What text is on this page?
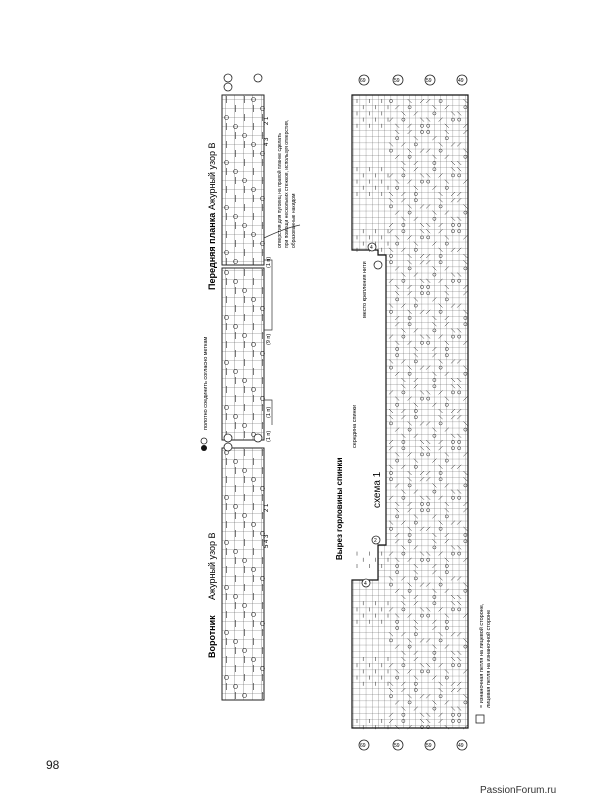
4 3
2 1
5 4 3
2 1
Воротник
Ажурный узор В
Передняя планка
Ажурный узор В
полотно соединить согласно меткам
(1 п)
(9 п)
(1 п)
(1 п)
отверстия для пуговиц на правой планке сделать при помощи нескольких стежков, используя отверстия, образованные накидом
Вырез горловины спинки	схема 1
середина спинки
место крепления нити
4
4
2
69	59	59	49
69	59	59	49
= изнаночная петля на лицевой стороне, лицевая петля на изнаночной стороне
98
PassionForum.ru
